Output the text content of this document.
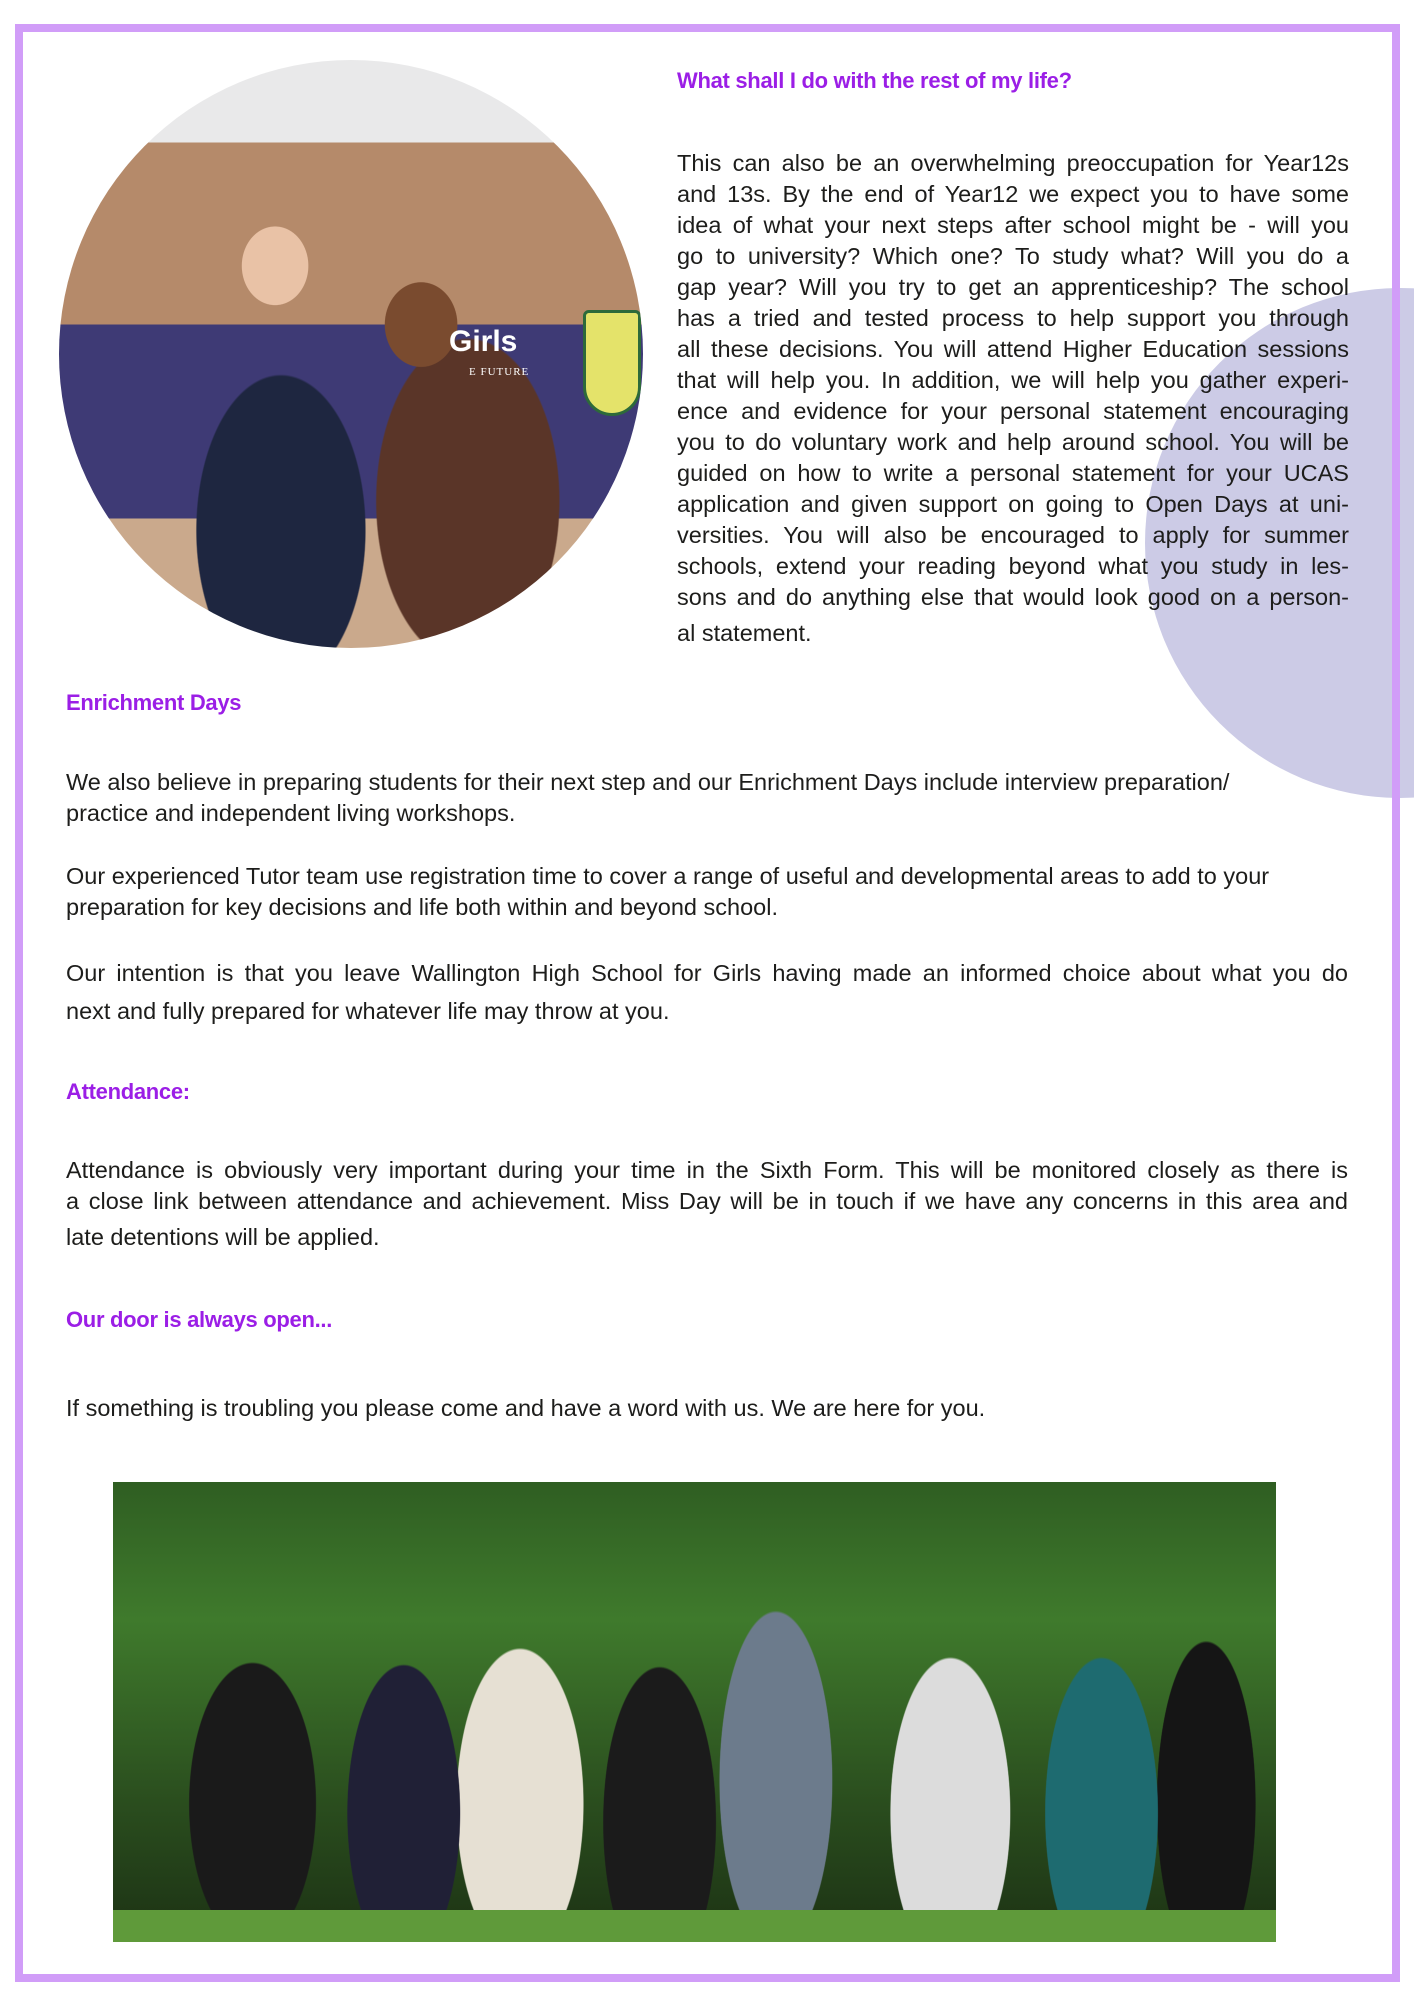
Girls
E FUTURE
What shall I do with the rest of my life?
This can also be an overwhelming preoccupation for Year12s
and 13s. By the end of Year12 we expect you to have some
idea of what your next steps after school might be - will you
go to university? Which one? To study what? Will you do a
gap year? Will you try to get an apprenticeship? The school
has a tried and tested process to help support you through
all these decisions. You will attend Higher Education sessions
that will help you. In addition, we will help you gather experi-
ence and evidence for your personal statement encouraging
you to do voluntary work and help around school. You will be
guided on how to write a personal statement for your UCAS
application and given support on going to Open Days at uni-
versities. You will also be encouraged to apply for summer
schools, extend your reading beyond what you study in les-
sons and do anything else that would look good on a person-
al statement.
Enrichment Days
We also believe in preparing students for their next step and our Enrichment Days include interview preparation/
practice and independent living workshops.
Our experienced Tutor team use registration time to cover a range of useful and developmental areas to add to your
preparation for key decisions and life both within and beyond school.
Our intention is that you leave Wallington High School for Girls having made an informed choice about what you do
next and fully prepared for whatever life may throw at you.
Attendance:
Attendance is obviously very important during your time in the Sixth Form. This will be monitored closely as there is
a close link between attendance and achievement. Miss Day will be in touch if we have any concerns in this area and
late detentions will be applied.
Our door is always open...
If something is troubling you please come and have a word with us. We are here for you.
